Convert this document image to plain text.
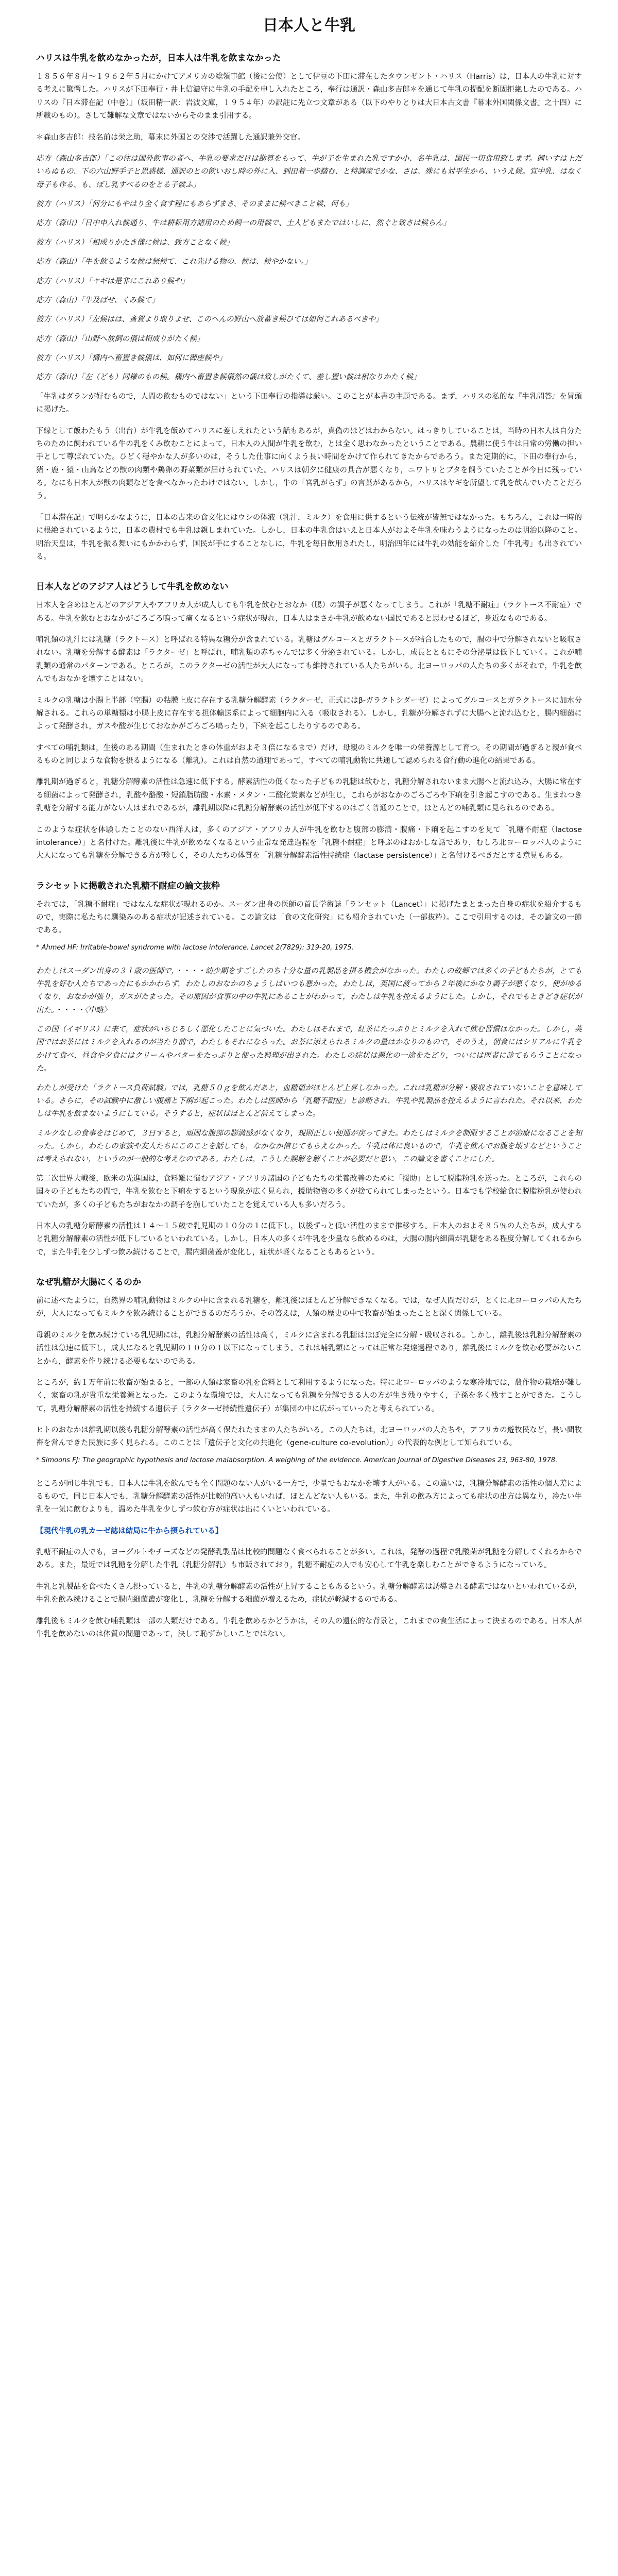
日本人と牛乳
ハリスは牛乳を飲めなかったが，日本人は牛乳を飲まなかった

１８５６年８月〜１９６２年５月にかけてアメリカの総領事館（後に公使）として伊豆の下田に滞在したタウンゼント・ハリス（Harris）は，日本人の牛乳に対する考えに驚愕した。ハリスが下田奉行・井上信濃守に牛乳の手配を申し入れたところ，奉行は通訳・森山多吉郎＊を通じて牛乳の提配を断固拒絶したのである。ハリスの『日本滞在記（中巻）』（坂田精一訳：岩波文庫，１９５４年）の訳註に先立つ文章がある（以下のやりとりは大日本古文書『幕末外国関係文書』之十四）に所載のもの）。さして難解な文章ではないからそのまま引用する。

＊森山多吉郎：技名前は栄之助，幕末に外国との交渉で活躍した通訳兼外交官。

応方（森山多吉郎）「この往は国外飲事の者へ、牛乳の要求だけは勘算をもって、牛が子を生まれた乳ですか小、名牛乳は、国民一切食用致しまず。飼いすは上だいらぬもの、下の六山野手子と思惑様、通訳のとの飲いおし時の外に入、到田着一歩踏む、と特調産でかな、さは、殊にも対平生から、いうえ候。宜中乳、はなく母子も作る、も、ぼし乳すべるのをとる子候ふ」

彼方（ハリス）「何分にもやはり全く食す程にもあらずまさ、そのままに候べきこと候、何も」

応方（森山）「日中申入れ候通り、牛は耕耘用方諸用のため飼一の用候で、土人どもまたではいしに、然ぐと致さは候らん」

彼方（ハリス）「相成りかたき儀に候は、致方ことなく候」

応方（森山）「牛を飲るような候は無候て、これ先ける物の、候は、候やかない。」

応方（ハリス）「ヤギは是非にこれあり候や」

応方（森山）「牛及ばせ、くみ候て」

彼方（ハリス）「左候はは、斎賀より取りよせ、このへんの野山へ放蓄き候ひては如何これあるべきや」

応方（森山）「山野へ放飼の儀は相成りがたく候」

彼方（ハリス）「構内へ畜置き候儀は、如何に御座候や」

応方（森山）「左（ども）同様のもの候。構内へ畜置き候儀然の儀は致しがたくて、差し置い候は相なりかたく候」

「牛乳はダランが好むもので，人間の飲むものではない」という下田奉行の指導は厳い。このことが本書の主題である。まず，ハリスの私的な『牛乳問答』を冒頭に掲げた。

下線として飯わたもう（出台）が牛乳を飯めてハリスに差しえれたという話もあるが，真偽のほどはわからない。はっきりしていることは，当時の日本人は自分たちのために飼われている牛の乳をくみ飲むことによって，日本人の人間が牛乳を飲む，とは全く思わなかったということである。農耕に使う牛は日常の労働の担い手として尊ばれていた。ひどく穏やかな人が多いのは，そうした仕事に向くよう長い時間をかけて作られてきたからであろう。また定期的に，下田の奉行から，猪・鹿・猿・山鳥などの獣の肉類や鶏卵の野菜類が届けられていた。ハリスは朝夕に健康の具合が悪くなり，ニワトリとブタを飼うていたことが今日に残っている。なにも日本人が獣の肉類などを食べなかったわけではない。しかし，牛の「宮乳がらず」の言葉があるから，ハリスはヤギを所望して乳を飲んでいたことだろう。

「日本滞在記」で明らかなように，日本の古来の食文化にはウシの体液（乳汁，ミルク）を食用に供するという伝統が皆無ではなかった。もちろん，これは一時的に根絶されているように，日本の農村でも牛乳は親しまれていた。しかし，日本の牛乳食はいえと日本人がおよそ牛乳を味わうようになったのは明治以降のこと。明治天皇は，牛乳を振る舞いにもかかわらず，国民が手にすることなしに，牛乳を毎日飲用されたし，明治四年には牛乳の効能を紹介した「牛乳考」も出されている。

日本人などのアジア人はどうして牛乳を飲めない

日本人を含めほとんどのアジア人やアフリカ人が成人しても牛乳を飲むとおなか（腸）の調子が悪くなってしまう。これが「乳糖不耐症」（ラクトース不耐症）である。牛乳を飲むとおなかがごろごろ鳴って痛くなるという症状が現れ，日本人はまさか牛乳が飲めない国民であると思わせるほど，身近なものである。

哺乳類の乳汁には乳糖（ラクトース）と呼ばれる特異な糖分が含まれている。乳糖はグルコースとガラクトースが結合したもので，腸の中で分解されないと吸収されない。乳糖を分解する酵素は「ラクターゼ」と呼ばれ，哺乳類の赤ちゃんでは多く分泌されている。しかし，成長とともにその分泌量は低下していく。これが哺乳類の通常のパターンである。ところが，このラクターゼの活性が大人になっても維持されている人たちがいる。北ヨーロッパの人たちの多くがそれで，牛乳を飲んでもおなかを壊すことはない。

ミルクの乳糖は小腸上半部（空腸）の粘膜上皮に存在する乳糖分解酵素（ラクターゼ，正式にはβ-ガラクトシダーゼ）によってグルコースとガラクトースに加水分解される。これらの単糖類は小腸上皮に存在する担体輸送系によって細胞内に入る（吸収される）。しかし，乳糖が分解されずに大腸へと流れ込むと，腸内細菌によって発酵され，ガスや酸が生じておなかがごろごろ鳴ったり，下痢を起こしたりするのである。

すべての哺乳類は，生後のある期間（生まれたときの体重がおよそ３倍になるまで）だけ，母親のミルクを唯一の栄養源として育つ。その期間が過ぎると親が食べるものと同じような食物を摂るようになる（離乳）。これは自然の道理であって，すべての哺乳動物に共通して認められる食行動の進化の結果である。

離乳期が過ぎると，乳糖分解酵素の活性は急速に低下する。酵素活性の低くなった子どもの乳糖は飲むと，乳糖分解されないまま大腸へと流れ込み，大腸に常在する細菌によって発酵され，乳酸や酪酸・短鎖脂肪酸・水素・メタン・二酸化炭素などが生じ，これらがおなかのごろごろや下痢を引き起こすのである。生まれつき乳糖を分解する能力がない人はまれであるが，離乳期以降に乳糖分解酵素の活性が低下するのはごく普通のことで，ほとんどの哺乳類に見られるのである。

このような症状を体験したことのない西洋人は，多くのアジア・アフリカ人が牛乳を飲むと腹部の膨満・腹痛・下痢を起こすのを見て「乳糖不耐症（lactose intolerance）」と名付けた。離乳後に牛乳が飲めなくなるという正常な発達過程を「乳糖不耐症」と呼ぶのはおかしな話であり，むしろ北ヨーロッパ人のように大人になっても乳糖を分解できる方が珍しく，その人たちの体質を「乳糖分解酵素活性持続症（lactase persistence）」と名付けるべきだとする意見もある。

ラシセットに掲載された乳糖不耐症の論文抜粋

それでは，「乳糖不耐症」ではなんな症状が現れるのか。スーダン出身の医師の首長学術誌「ランセット（Lancet）」に掲げたまとまった自身の症状を紹介するもので，実際に私たちに馴染みのある症状が記述されている。この論文は「食の文化研究」にも紹介されていた（一部抜粋）。ここで引用するのは，その論文の一節である。

* Ahmed HF: Irritable-bowel syndrome with lactose intolerance. Lancet 2(7829): 319-20, 1975.

わたしはスーダン出身の３１歳の医師で，・・・・幼少期をすごしたのち十分な量の乳製品を摂る機会がなかった。わたしの故郷では多くの子どもたちが，とても牛乳を好む人たちであったにもかかわらず，わたしのおなかのちょうしはいつも悪かった。わたしは，英国に渡ってから２年後にかなり調子が悪くなり，便がゆるくなり，おなかが張り，ガスがたまった。その原因が食事の中の牛乳にあることがわかって，わたしは牛乳を控えるようにした。しかし，それでもときどき症状が出た。・・・・〈中略〉

この国（イギリス）に来て，症状がいちじるしく悪化したことに気づいた。わたしはそれまで，紅茶にたっぷりとミルクを入れて飲む習慣はなかった。しかし，英国ではお茶にはミルクを入れるのが当たり前で，わたしもそれにならった。お茶に添えられるミルクの量はかなりのもので，そのうえ，朝食にはシリアルに牛乳をかけて食べ，昼食や夕食にはクリームやバターをたっぷりと使った料理が出された。わたしの症状は悪化の一途をたどり，ついには医者に診てもらうことになった。

わたしが受けた「ラクトース負荷試験」では，乳糖５０ｇを飲んだあと，血糖値がほとんど上昇しなかった。これは乳糖が分解・吸収されていないことを意味している。さらに，その試験中に激しい腹痛と下痢が起こった。わたしは医師から「乳糖不耐症」と診断され，牛乳や乳製品を控えるように言われた。それ以来，わたしは牛乳を飲まないようにしている。そうすると，症状はほとんど消えてしまった。

ミルクなしの食事をはじめて，３日すると，頑固な腹部の膨満感がなくなり，規則正しい便通が戻ってきた。わたしはミルクを制限することが治療になることを知った。しかし，わたしの家族や友人たちにこのことを話しても，なかなか信じてもらえなかった。牛乳は体に良いもので，牛乳を飲んでお腹を壊すなどということは考えられない，というのが一般的な考えなのである。わたしは，こうした誤解を解くことが必要だと思い，この論文を書くことにした。

第二次世界大戦後，欧米の先進国は，食料難に悩むアジア・アフリカ諸国の子どもたちの栄養改善のために「援助」として脱脂粉乳を送った。ところが，これらの国々の子どもたちの間で，牛乳を飲むと下痢をするという現象が広く見られ，援助物資の多くが捨てられてしまったという。日本でも学校給食に脱脂粉乳が使われていたが，多くの子どもたちがおなかの調子を崩していたことを覚えている人も多いだろう。

日本人の乳糖分解酵素の活性は１４〜１５歳で乳児期の１０分の１に低下し，以後ずっと低い活性のままで推移する。日本人のおよそ８５％の人たちが，成人すると乳糖分解酵素の活性が低下しているといわれている。しかし，日本人の多くが牛乳を少量なら飲めるのは，大腸の腸内細菌が乳糖をある程度分解してくれるからで，また牛乳を少しずつ飲み続けることで，腸内細菌叢が変化し，症状が軽くなることもあるという。

なぜ乳糖が大腸にくるのか

前に述べたように，自然界の哺乳動物はミルクの中に含まれる乳糖を，離乳後はほとんど分解できなくなる。では，なぜ人間だけが，とくに北ヨーロッパの人たちが，大人になってもミルクを飲み続けることができるのだろうか。その答えは，人類の歴史の中で牧畜が始まったことと深く関係している。

母親のミルクを飲み続けている乳児期には，乳糖分解酵素の活性は高く，ミルクに含まれる乳糖はほぼ完全に分解・吸収される。しかし，離乳後は乳糖分解酵素の活性は急速に低下し，成人になると乳児期の１０分の１以下になってしまう。これは哺乳類にとっては正常な発達過程であり，離乳後にミルクを飲む必要がないことから，酵素を作り続ける必要もないのである。

ところが，約１万年前に牧畜が始まると，一部の人類は家畜の乳を食料として利用するようになった。特に北ヨーロッパのような寒冷地では，農作物の栽培が難しく，家畜の乳が貴重な栄養源となった。このような環境では，大人になっても乳糖を分解できる人の方が生き残りやすく，子孫を多く残すことができた。こうして，乳糖分解酵素の活性を持続する遺伝子（ラクターゼ持続性遺伝子）が集団の中に広がっていったと考えられている。

ヒトのおなかは離乳期以後も乳糖分解酵素の活性が高く保たれたままの人たちがいる。この人たちは，北ヨーロッパの人たちや，アフリカの遊牧民など，長い間牧畜を営んできた民族に多く見られる。このことは「遺伝子と文化の共進化（gene-culture co-evolution）」の代表的な例として知られている。

* Simoons FJ: The geographic hypothesis and lactose malabsorption. A weighing of the evidence. American Journal of Digestive Diseases 23, 963-80, 1978.

ところが同じ牛乳でも，日本人は牛乳を飲んでも全く問題のない人がいる一方で，少量でもおなかを壊す人がいる。この違いは，乳糖分解酵素の活性の個人差によるもので，同じ日本人でも，乳糖分解酵素の活性が比較的高い人もいれば，ほとんどない人もいる。また，牛乳の飲み方によっても症状の出方は異なり，冷たい牛乳を一気に飲むよりも，温めた牛乳を少しずつ飲む方が症状は出にくいといわれている。

【現代牛乳の乳カーゼ誌は結局に牛から摂られている】

乳糖不耐症の人でも，ヨーグルトやチーズなどの発酵乳製品は比較的問題なく食べられることが多い。これは，発酵の過程で乳酸菌が乳糖を分解してくれるからである。また，最近では乳糖を分解した牛乳（乳糖分解乳）も市販されており，乳糖不耐症の人でも安心して牛乳を楽しむことができるようになっている。

牛乳と乳製品を食べたくさん摂っていると，牛乳の乳糖分解酵素の活性が上昇することもあるという。乳糖分解酵素は誘導される酵素ではないといわれているが，牛乳を飲み続けることで腸内細菌叢が変化し，乳糖を分解する細菌が増えるため，症状が軽減するのである。

離乳後もミルクを飲む哺乳類は一部の人類だけである。牛乳を飲めるかどうかは，その人の遺伝的な背景と，これまでの食生活によって決まるのである。日本人が牛乳を飲めないのは体質の問題であって，決して恥ずかしいことではない。
